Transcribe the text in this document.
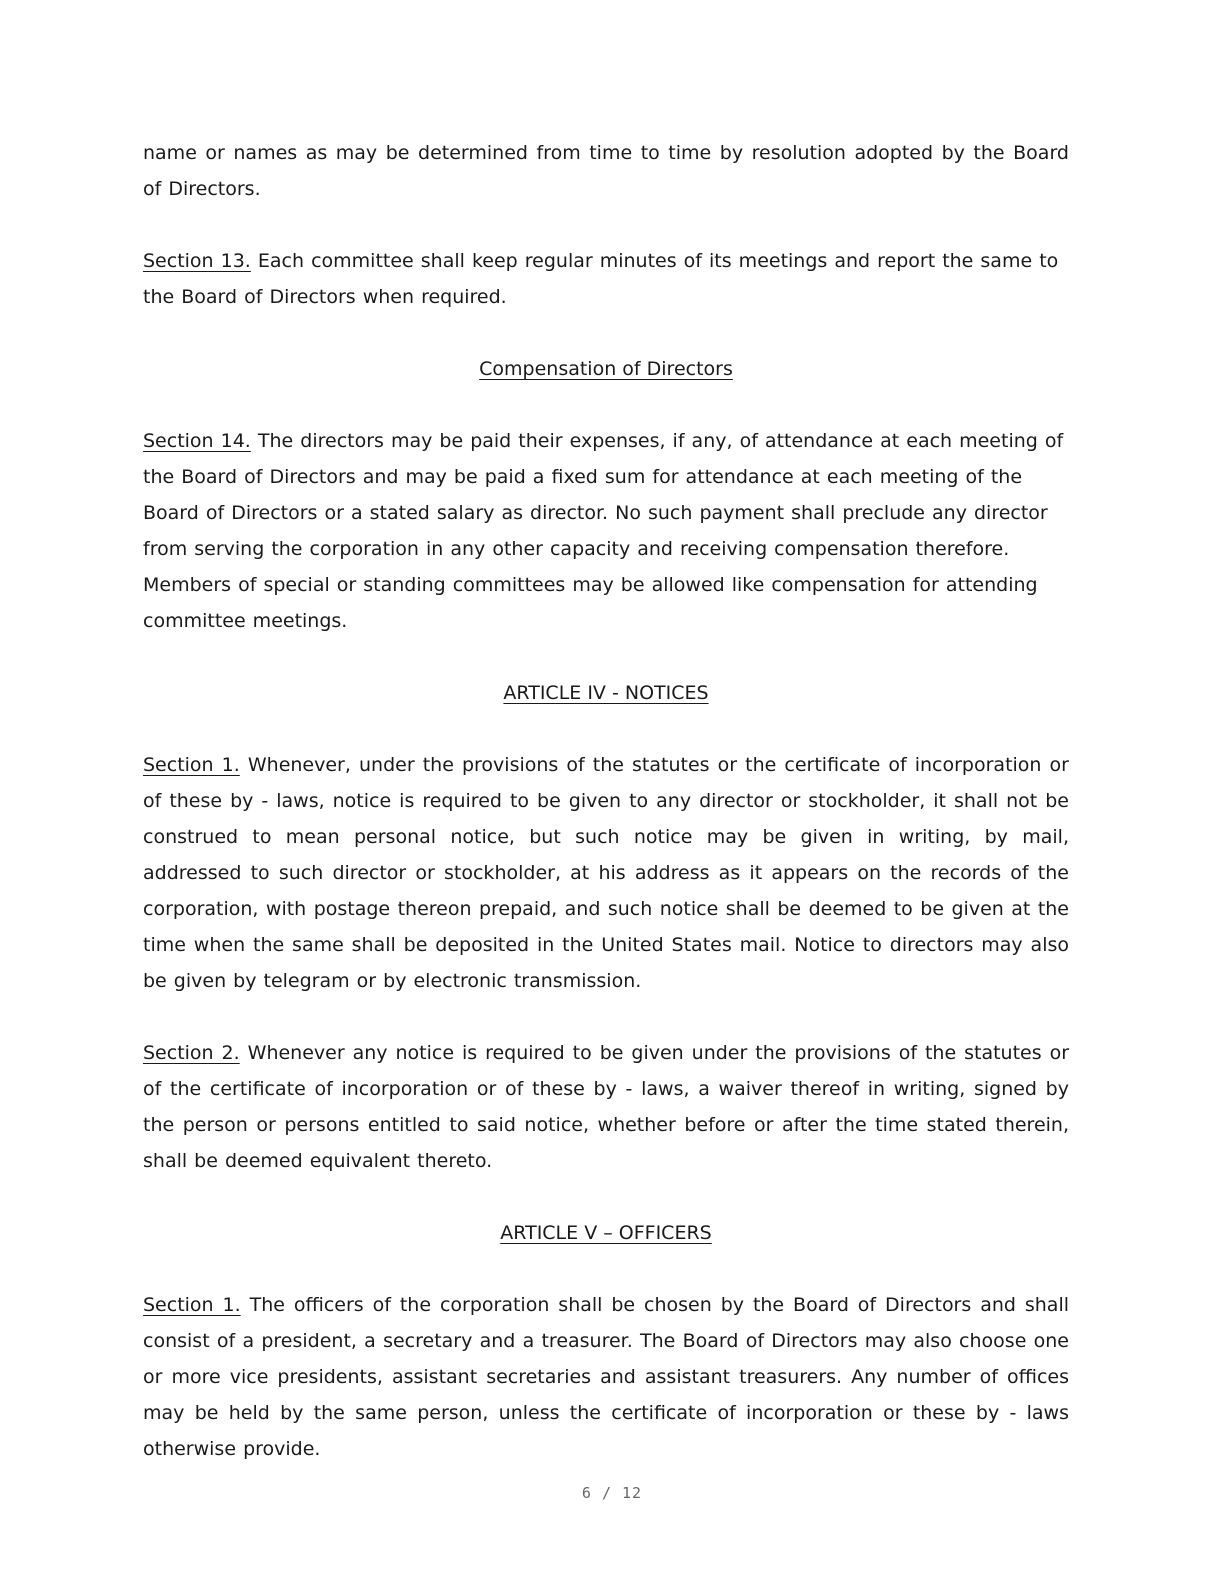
name or names as may be determined from time to time by resolution adopted by the Board of Directors.

Section 13. Each committee shall keep regular minutes of its meetings and report the same to the Board of Directors when required.

Compensation of Directors

Section 14. The directors may be paid their expenses, if any, of attendance at each meeting of the Board of Directors and may be paid a fixed sum for attendance at each meeting of the Board of Directors or a stated salary as director. No such payment shall preclude any director from serving the corporation in any other capacity and receiving compensation therefore. Members of special or standing committees may be allowed like compensation for attending committee meetings.

ARTICLE IV - NOTICES

Section 1. Whenever, under the provisions of the statutes or the certificate of incorporation or of these by - laws, notice is required to be given to any director or stockholder, it shall not be construed to mean personal notice, but such notice may be given in writing, by mail, addressed to such director or stockholder, at his address as it appears on the records of the corporation, with postage thereon prepaid, and such notice shall be deemed to be given at the time when the same shall be deposited in the United States mail. Notice to directors may also be given by telegram or by electronic transmission.

Section 2. Whenever any notice is required to be given under the provisions of the statutes or of the certificate of incorporation or of these by - laws, a waiver thereof in writing, signed by the person or persons entitled to said notice, whether before or after the time stated therein, shall be deemed equivalent thereto.

ARTICLE V – OFFICERS

Section 1. The officers of the corporation shall be chosen by the Board of Directors and shall consist of a president, a secretary and a treasurer. The Board of Directors may also choose one or more vice presidents, assistant secretaries and assistant treasurers. Any number of offices may be held by the same person, unless the certificate of incorporation or these by - laws otherwise provide.

6 / 12
